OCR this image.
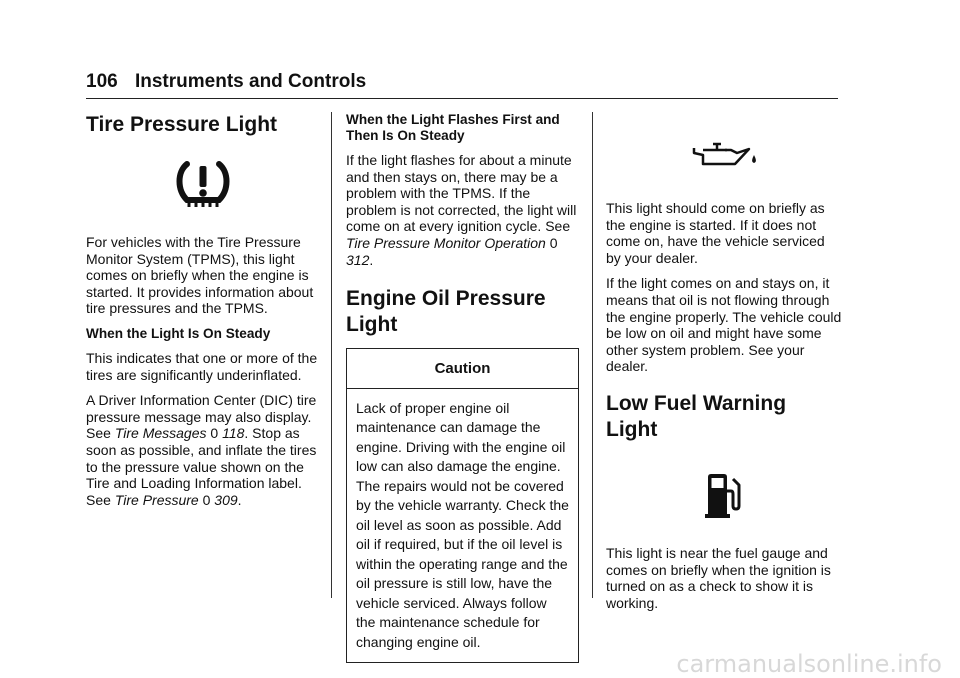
106 Instruments and Controls
Tire Pressure Light

For vehicles with the Tire Pressure Monitor System (TPMS), this light comes on briefly when the engine is started. It provides information about tire pressures and the TPMS.

When the Light Is On Steady

This indicates that one or more of the tires are significantly underinflated.

A Driver Information Center (DIC) tire pressure message may also display. See Tire Messages 0 118. Stop as soon as possible, and inflate the tires to the pressure value shown on the Tire and Loading Information label. See Tire Pressure 0 309.

When the Light Flashes First and Then Is On Steady

If the light flashes for about a minute and then stays on, there may be a problem with the TPMS. If the problem is not corrected, the light will come on at every ignition cycle. See Tire Pressure Monitor Operation 0 312.

Engine Oil Pressure Light
Caution
Lack of proper engine oil maintenance can damage the engine. Driving with the engine oil low can also damage the engine. The repairs would not be covered by the vehicle warranty. Check the oil level as soon as possible. Add oil if required, but if the oil level is within the operating range and the oil pressure is still low, have the vehicle serviced. Always follow the maintenance schedule for changing engine oil.

This light should come on briefly as the engine is started. If it does not come on, have the vehicle serviced by your dealer.

If the light comes on and stays on, it means that oil is not flowing through the engine properly. The vehicle could be low on oil and might have some other system problem. See your dealer.

Low Fuel Warning Light

This light is near the fuel gauge and comes on briefly when the ignition is turned on as a check to show it is working.

carmanualsonline.info
